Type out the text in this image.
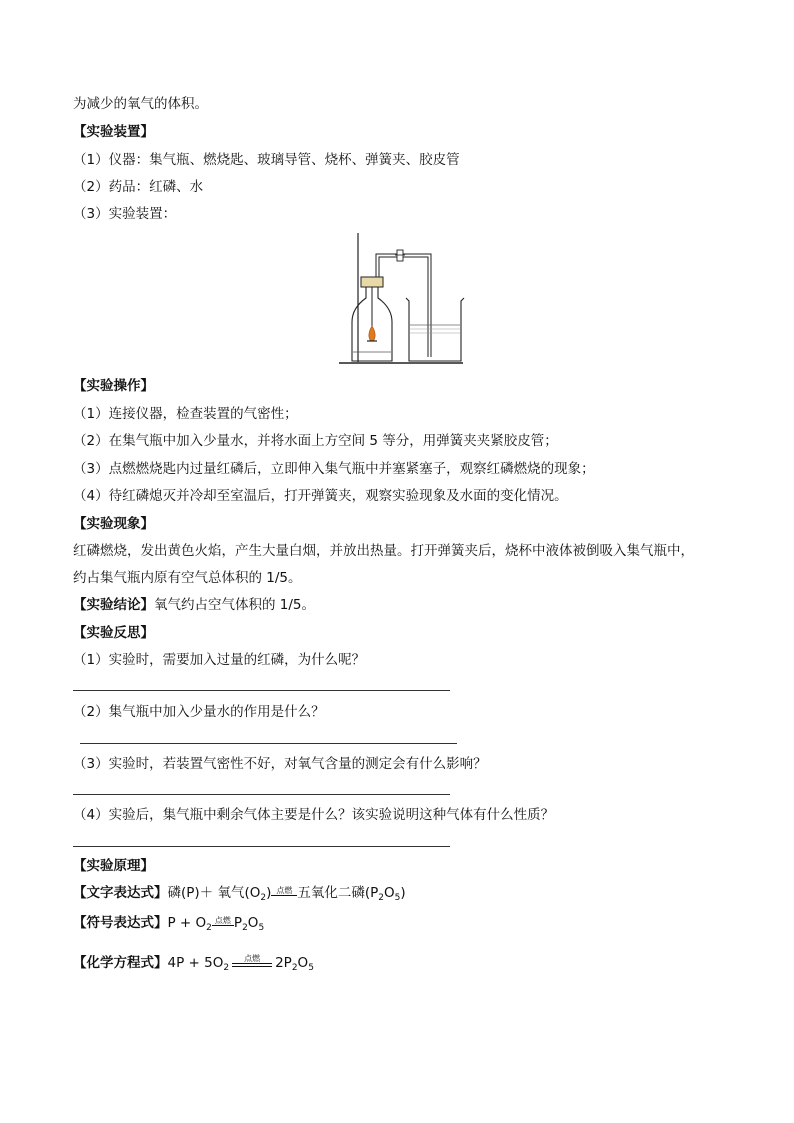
为减少的氧气的体积。
【实验装置】
（1）仪器：集气瓶、燃烧匙、玻璃导管、烧杯、弹簧夹、胶皮管
（2）药品：红磷、水
（3）实验装置：
【实验操作】
（1）连接仪器，检查装置的气密性；
（2）在集气瓶中加入少量水，并将水面上方空间 5 等分，用弹簧夹夹紧胶皮管；
（3）点燃燃烧匙内过量红磷后，立即伸入集气瓶中并塞紧塞子，观察红磷燃烧的现象；
（4）待红磷熄灭并冷却至室温后，打开弹簧夹，观察实验现象及水面的变化情况。
【实验现象】
红磷燃烧，发出黄色火焰，产生大量白烟，并放出热量。打开弹簧夹后，烧杯中液体被倒吸入集气瓶中，
约占集气瓶内原有空气总体积的 1/5。
【实验结论】氧气约占空气体积的 1/5。
【实验反思】
（1）实验时，需要加入过量的红磷，为什么呢？
（2）集气瓶中加入少量水的作用是什么？
（3）实验时，若装置气密性不好，对氧气含量的测定会有什么影响？
（4）实验后，集气瓶中剩余气体主要是什么？该实验说明这种气体有什么性质？
【实验原理】
【文字表达式】磷(P)＋ 氧气$(O_2)$ 点燃 五氧化二磷$(P_2O_5)$
【符号表达式】$P + O_2$
点燃 $P_2O_5$
【化学方程式】$4P + 5O_2$
点燃	$2P_2O_5$
